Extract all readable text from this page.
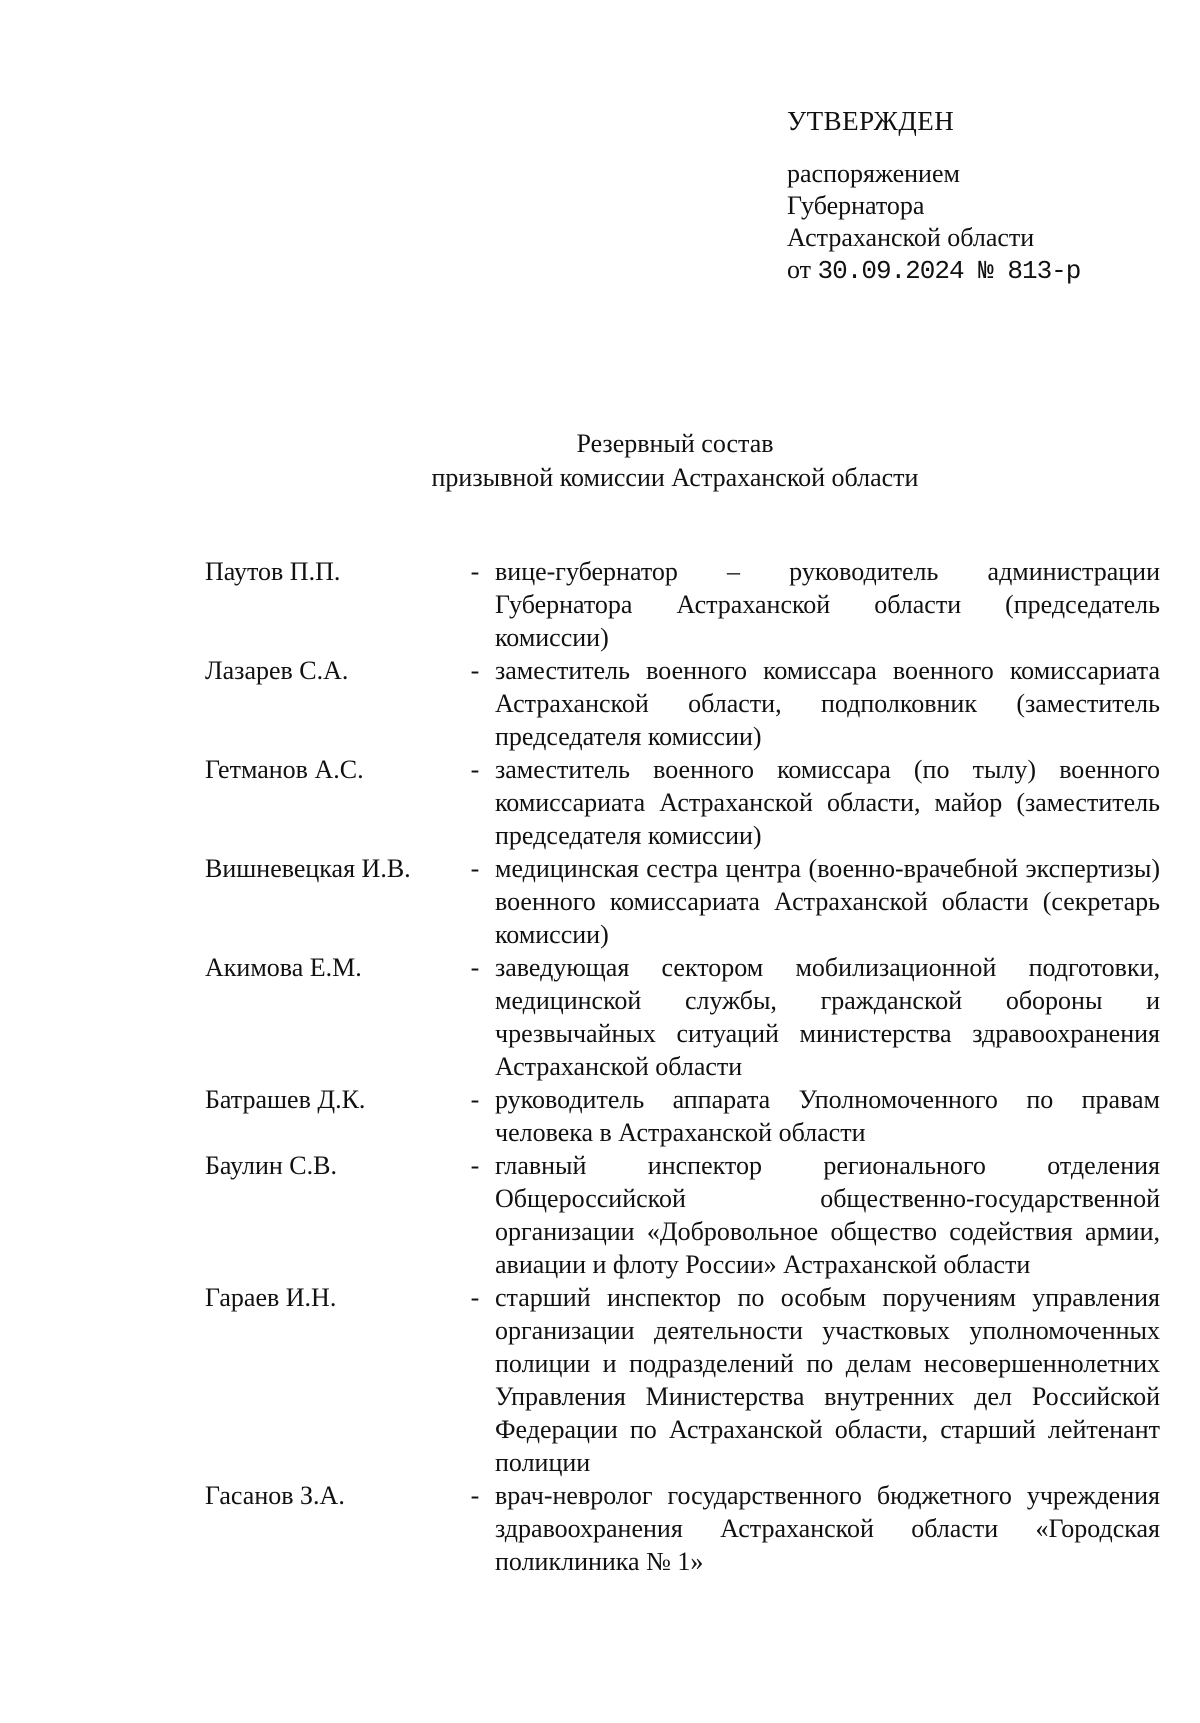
УТВЕРЖДЕН
распоряжением
Губернатора
Астраханской области
от 30.09.2024 № 813-р
Резервный состав
призывной комиссии Астраханской области
Паутов П.П.	- вице-губернатор – руководитель администрации Губернатора Астраханской области (председатель комиссии)
Лазарев С.А.	- заместитель военного комиссара военного комиссариата Астраханской области, подполковник (заместитель председателя комиссии)
Гетманов А.С.	- заместитель военного комиссара (по тылу) военного комиссариата Астраханской области, майор (заместитель председателя комиссии)
Вишневецкая И.В.	- медицинская сестра центра (военно-врачебной экспертизы) военного комиссариата Астраханской области (секретарь комиссии)
Акимова Е.М.	- заведующая сектором мобилизационной подготовки, медицинской службы, гражданской обороны и чрезвычайных ситуаций министерства здравоохранения Астраханской области
Батрашев Д.К.	- руководитель аппарата Уполномоченного по правам человека в Астраханской области
Баулин С.В.	- главный инспектор регионального отделения Общероссийской общественно-государственной организации «Добровольное общество содействия армии, авиации и флоту России» Астраханской области
Гараев И.Н.	- старший инспектор по особым поручениям управления организации деятельности участковых уполномоченных полиции и подразделений по делам несовершеннолетних Управления Министерства внутренних дел Российской Федерации по Астраханской области, старший лейтенант полиции
Гасанов З.А.	- врач-невролог государственного бюджетного учреждения здравоохранения Астраханской области «Городская поликлиника № 1»
